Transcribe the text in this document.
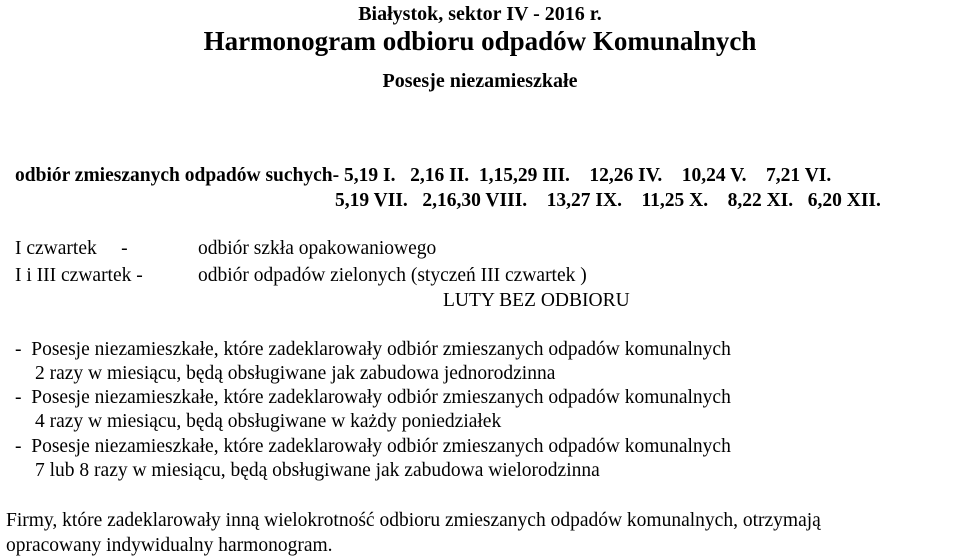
Białystok, sektor IV - 2016 r.
Harmonogram odbioru odpadów Komunalnych
Posesje niezamieszkałe
odbiór zmieszanych odpadów suchych- 5,19 I.   2,16 II.  1,15,29 III.    12,26 IV.    10,24 V.    7,21 VI.
5,19 VII.   2,16,30 VIII.    13,27 IX.    11,25 X.    8,22 XI.   6,20 XII.
I czwartek     -	odbiór szkła opakowaniowego
I i III czwartek -	odbiór odpadów zielonych (styczeń III czwartek )
LUTY BEZ ODBIORU
-  Posesje niezamieszkałe, które zadeklarowały odbiór zmieszanych odpadów komunalnych
2 razy w miesiącu, będą obsługiwane jak zabudowa jednorodzinna
-  Posesje niezamieszkałe, które zadeklarowały odbiór zmieszanych odpadów komunalnych
4 razy w miesiącu, będą obsługiwane w każdy poniedziałek
-  Posesje niezamieszkałe, które zadeklarowały odbiór zmieszanych odpadów komunalnych
7 lub 8 razy w miesiącu, będą obsługiwane jak zabudowa wielorodzinna
Firmy, które zadeklarowały inną wielokrotność odbioru zmieszanych odpadów komunalnych, otrzymają
opracowany indywidualny harmonogram.
